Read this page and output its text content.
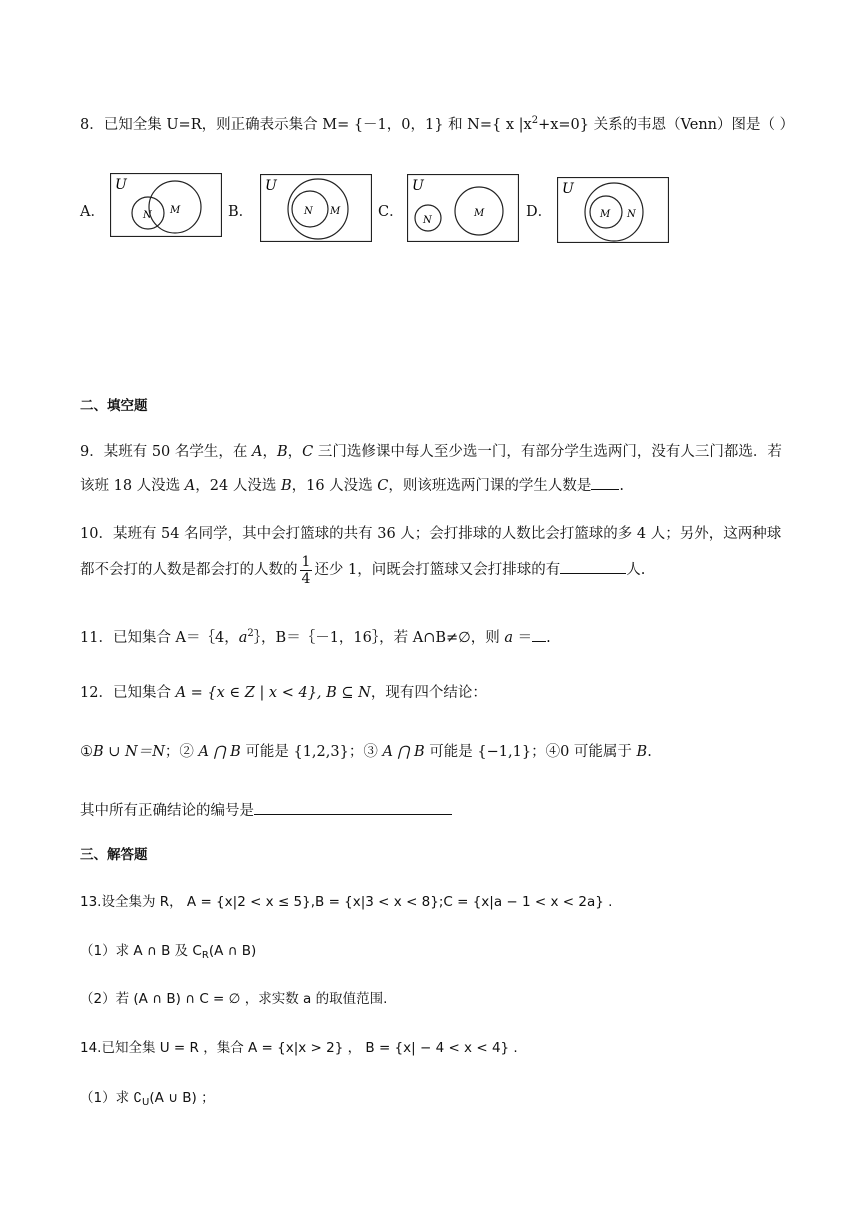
8．已知全集 U=R，则正确表示集合 M= {－1，0，1} 和 N={ x $|x^2+x=0$} 关系的韦恩（Venn）图是（ ）
A．
U
N M	B．
U
N M	C．
U
N
M	D．
U
M N
二、填空题
9．某班有 50 名学生，在 A，B，C 三门选修课中每人至少选一门，有部分学生选两门，没有人三门都选．若
该班 18 人没选 A，24 人没选 B，16 人没选 C，则该班选两门课的学生人数是 .
10．某班有 54 名同学，其中会打篮球的共有 36 人；会打排球的人数比会打篮球的多 4 人；另外，这两种球
都不会打的人数是都会打的人数的 $\frac{1}{4}$ 还少 1，问既会打篮球又会打排球的有	人.
11．已知集合 A＝｛4，$a^2\}$，B＝｛－1，16｝，若 A∩B≠∅，则 a ＝ .
12．已知集合 A = {x ∈ Z | x < 4}, B ⊆ N，现有四个结论：
①B ∪ N＝N；② A ⋂ B 可能是 {1,2,3}；③ A ⋂ B 可能是 {−1,1}；④0 可能属于 B.
其中所有正确结论的编号是
三、解答题
13.设全集为 R， A = {x|2 < x ≤ 5},B = {x|3 < x < 8};C = {x|a − 1 < x < 2a} .
（1）求 A ∩ B 及 $C_R(A$ ∩ B)
（2）若 (A ∩ B) ∩ C = ∅ ，求实数 a 的取值范围.
14.已知全集 U = R ，集合 A = {x|x > 2} ， B = {x| − 4 < x < 4} .
（1）求 $∁_U(A$ ∪ B) ；
